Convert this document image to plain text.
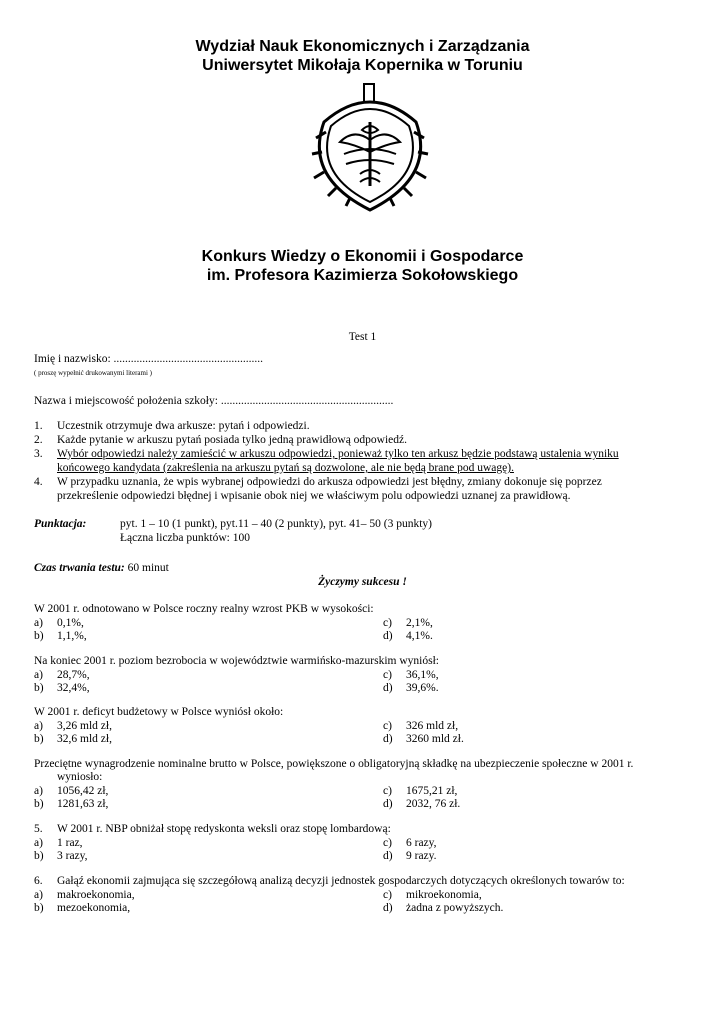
Wydział Nauk Ekonomicznych i Zarządzania
Uniwersytet Mikołaja Kopernika w Toruniu
Konkurs Wiedzy o Ekonomii i Gospodarce
im. Profesora Kazimierza Sokołowskiego
Test 1
Imię i nazwisko: ....................................................
( proszę wypełnić drukowanymi literami )
Nazwa i miejscowość położenia szkoły: ............................................................
1. Uczestnik otrzymuje dwa arkusze: pytań i odpowiedzi.
2. Każde pytanie w arkuszu pytań posiada tylko jedną prawidłową odpowiedź.
3. Wybór odpowiedzi należy zamieścić w arkuszu odpowiedzi, ponieważ tylko ten arkusz będzie podstawą ustalenia wyniku
końcowego kandydata (zakreślenia na arkuszu pytań są dozwolone, ale nie będą brane pod uwagę).
4. W przypadku uznania, że wpis wybranej odpowiedzi do arkusza odpowiedzi jest błędny, zmiany dokonuje się poprzez
przekreślenie odpowiedzi błędnej i wpisanie obok niej we właściwym polu odpowiedzi uznanej za prawidłową.
Punktacja:	pyt. 1 – 10 (1 punkt), pyt.11 – 40 (2 punkty), pyt. 41– 50 (3 punkty)
Łączna liczba punktów: 100
Czas trwania testu: 60 minut
Życzymy sukcesu !
W 2001 r. odnotowano w Polsce roczny realny wzrost PKB w wysokości:
a) 0,1%,	c) 2,1%,
b) 1,1,%,	d) 4,1%.
Na koniec 2001 r. poziom bezrobocia w województwie warmińsko-mazurskim wyniósł:
a) 28,7%,	c) 36,1%,
b) 32,4%,	d) 39,6%.
W 2001 r. deficyt budżetowy w Polsce wyniósł około:
a) 3,26 mld zł,	c) 326 mld zł,
b) 32,6 mld zł,	d) 3260 mld zł.
Przeciętne wynagrodzenie nominalne brutto w Polsce, powiększone o obligatoryjną składkę na ubezpieczenie społeczne w 2001 r.
wyniosło:
a) 1056,42 zł,	c) 1675,21 zł,
b) 1281,63 zł,	d) 2032, 76 zł.
5. W 2001 r. NBP obniżał stopę redyskonta weksli oraz stopę lombardową:
a) 1 raz,	c) 6 razy,
b) 3 razy,	d) 9 razy.
6. Gałąź ekonomii zajmująca się szczegółową analizą decyzji jednostek gospodarczych dotyczących określonych towarów to:
a) makroekonomia,	c) mikroekonomia,
b) mezoekonomia,	d) żadna z powyższych.
